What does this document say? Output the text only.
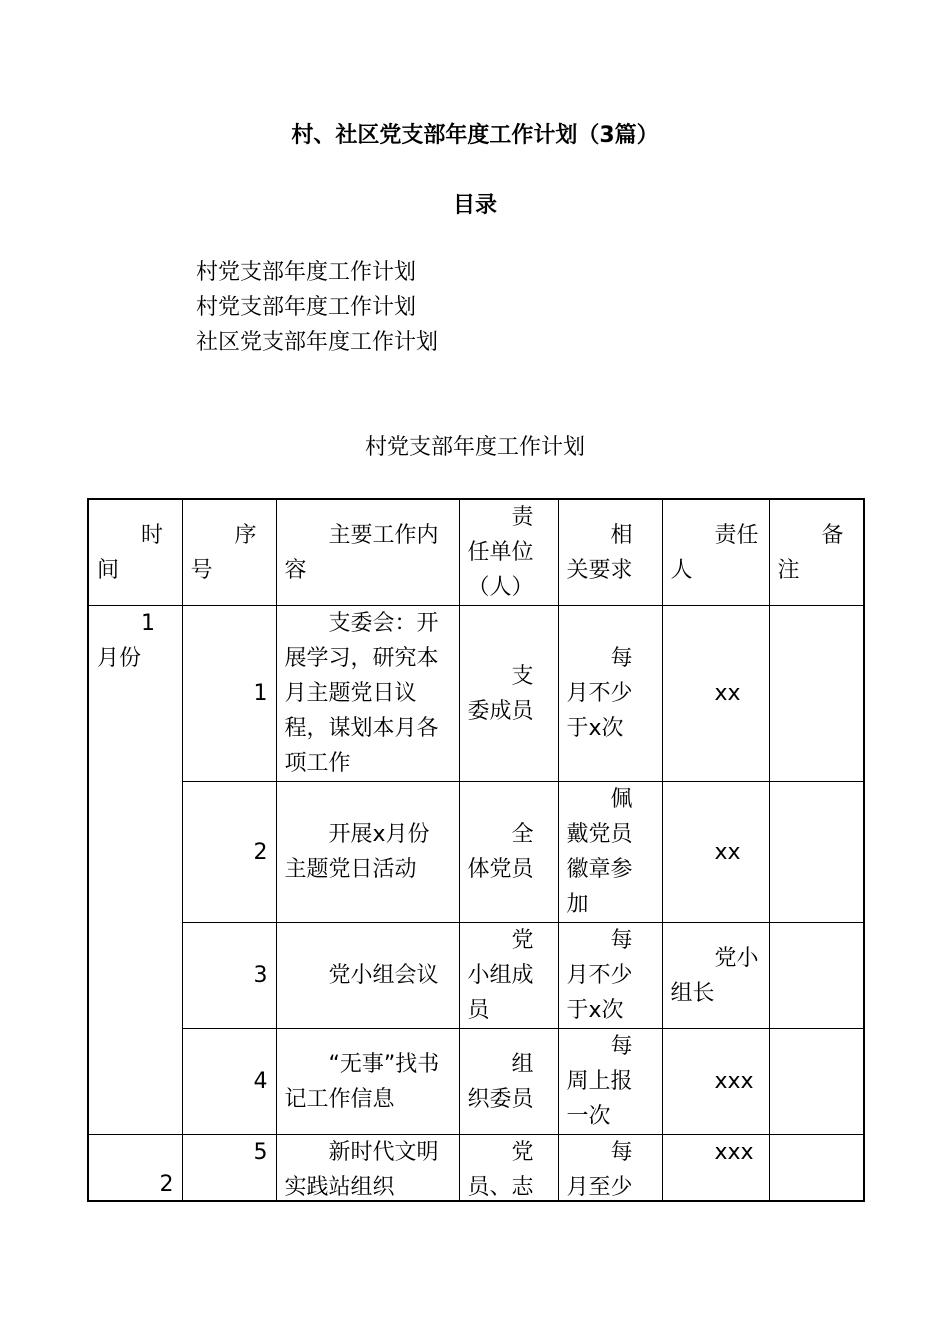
村、社区党支部年度工作计划（3篇）
目录
村党支部年度工作计划
村党支部年度工作计划
社区党支部年度工作计划
村党支部年度工作计划
时间	序号	主要工作内容	责任单位（人）	相关要求	责任人	备注
1月份	1	支委会：开展学习，研究本月主题党日议程，谋划本月各项工作	支委成员	每月不少于x次	xx	
	2	开展x月份主题党日活动	全体党员	佩戴党员徽章参加	xx	
	3	党小组会议	党小组成员	每月不少于x次	党小组长	
	4	“无事”找书记工作信息	组织委员	每周上报一次	xxx	
2	5	新时代文明实践站组织	党员、志	每月至少	xxx	
